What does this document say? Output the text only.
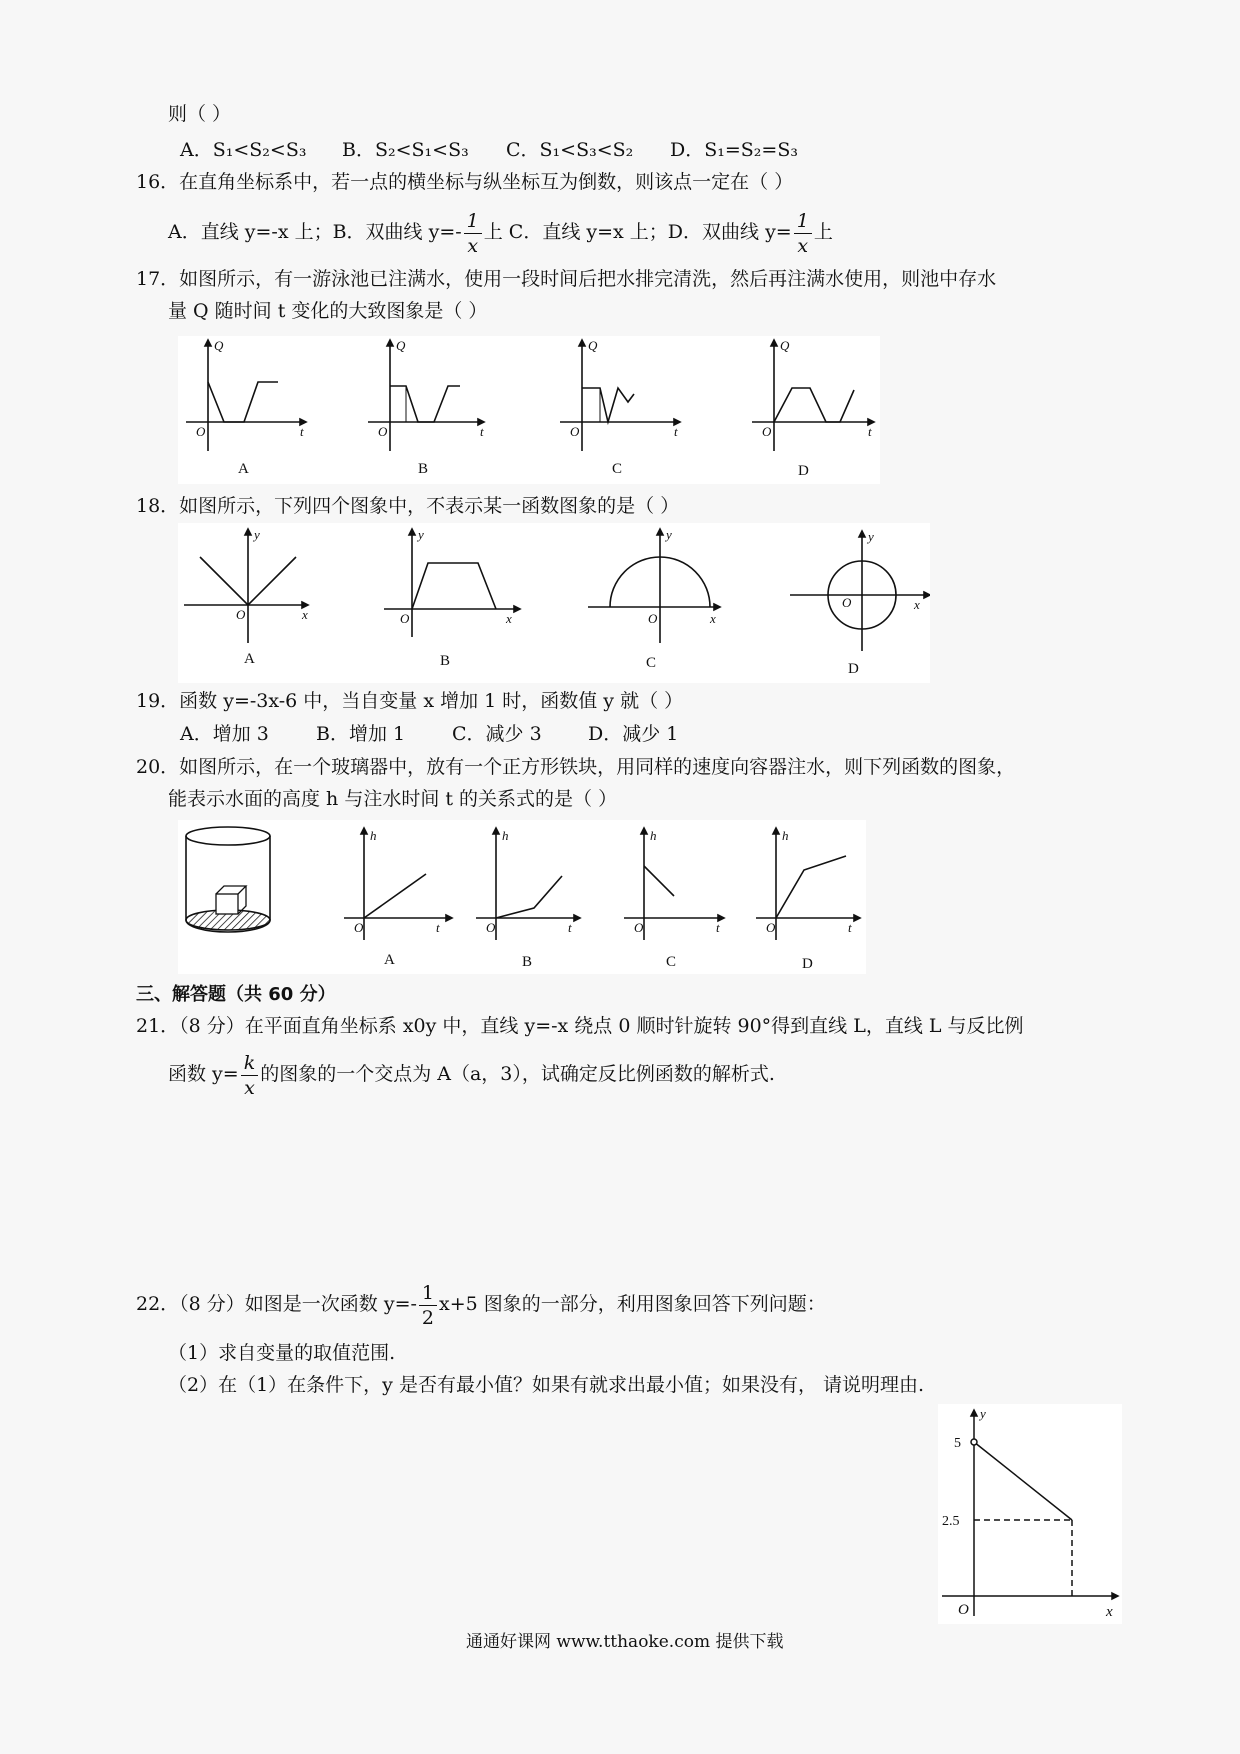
则（ ）
A．S₁<S₂<S₃ B．S₂<S₁<S₃ C．S₁<S₃<S₂ D．S₁=S₂=S₃
16．在直角坐标系中，若一点的横坐标与纵坐标互为倒数，则该点一定在（ ）
A．直线 y=-x 上；B．双曲线 $y=- \frac{1}{x}$ 上 C．直线 y=x 上；D．双曲线 $y= \frac{1}{x}$ 上
17．如图所示，有一游泳池已注满水，使用一段时间后把水排完清洗，然后再注满水使用，则池中存水
量 Q 随时间 t 变化的大致图象是（ ）
Q
O	t
A
Q
O	t
B
Q
O	t
C
Q
O	t
D
18．如图所示，下列四个图象中，不表示某一函数图象的是（ ）
y
O	x
A
y
O	x
B
y
O	x
C
y
O	x
D
19．函数 y=-3x-6 中，当自变量 x 增加 1 时，函数值 y 就（ ）
A．增加 3 B．增加 1 C．减少 3 D．减少 1
20．如图所示，在一个玻璃器中，放有一个正方形铁块，用同样的速度向容器注水，则下列函数的图象，
能表示水面的高度 h 与注水时间 t 的关系式的是（ ）
h
O	t
A
h
O	t
B
h
O	t
C
h
O	t
D
三、解答题（共 60 分）
21．（8 分）在平面直角坐标系 x0y 中，直线 y=-x 绕点 0 顺时针旋转 90°得到直线 L，直线 L 与反比例
函数 $y= \frac{k}{x}$ 的图象的一个交点为 A（a，3），试确定反比例函数的解析式.
22．（8 分）如图是一次函数 $y=- \frac{1}{2} x+5$ 图象的一部分，利用图象回答下列问题：
（1）求自变量的取值范围.
（2）在（1）在条件下，y 是否有最小值？如果有就求出最小值；如果没有， 请说明理由.
y
5
2.5
O	x
通通好课网 www.tthaoke.com 提供下载
